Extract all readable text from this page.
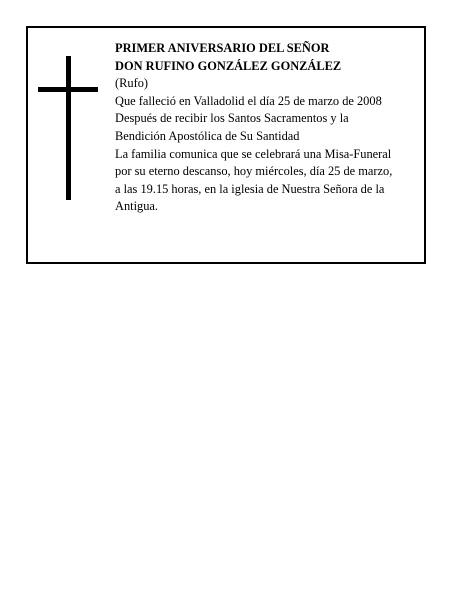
PRIMER ANIVERSARIO DEL SEÑOR
DON RUFINO GONZÁLEZ GONZÁLEZ
(Rufo)
Que falleció en Valladolid el día 25 de marzo de 2008
Después de recibir los Santos Sacramentos y la
Bendición Apostólica de Su Santidad
La familia comunica que se celebrará una Misa-Funeral
por su eterno descanso, hoy miércoles, día 25 de marzo,
a las 19.15 horas, en la iglesia de Nuestra Señora de la
Antigua.
